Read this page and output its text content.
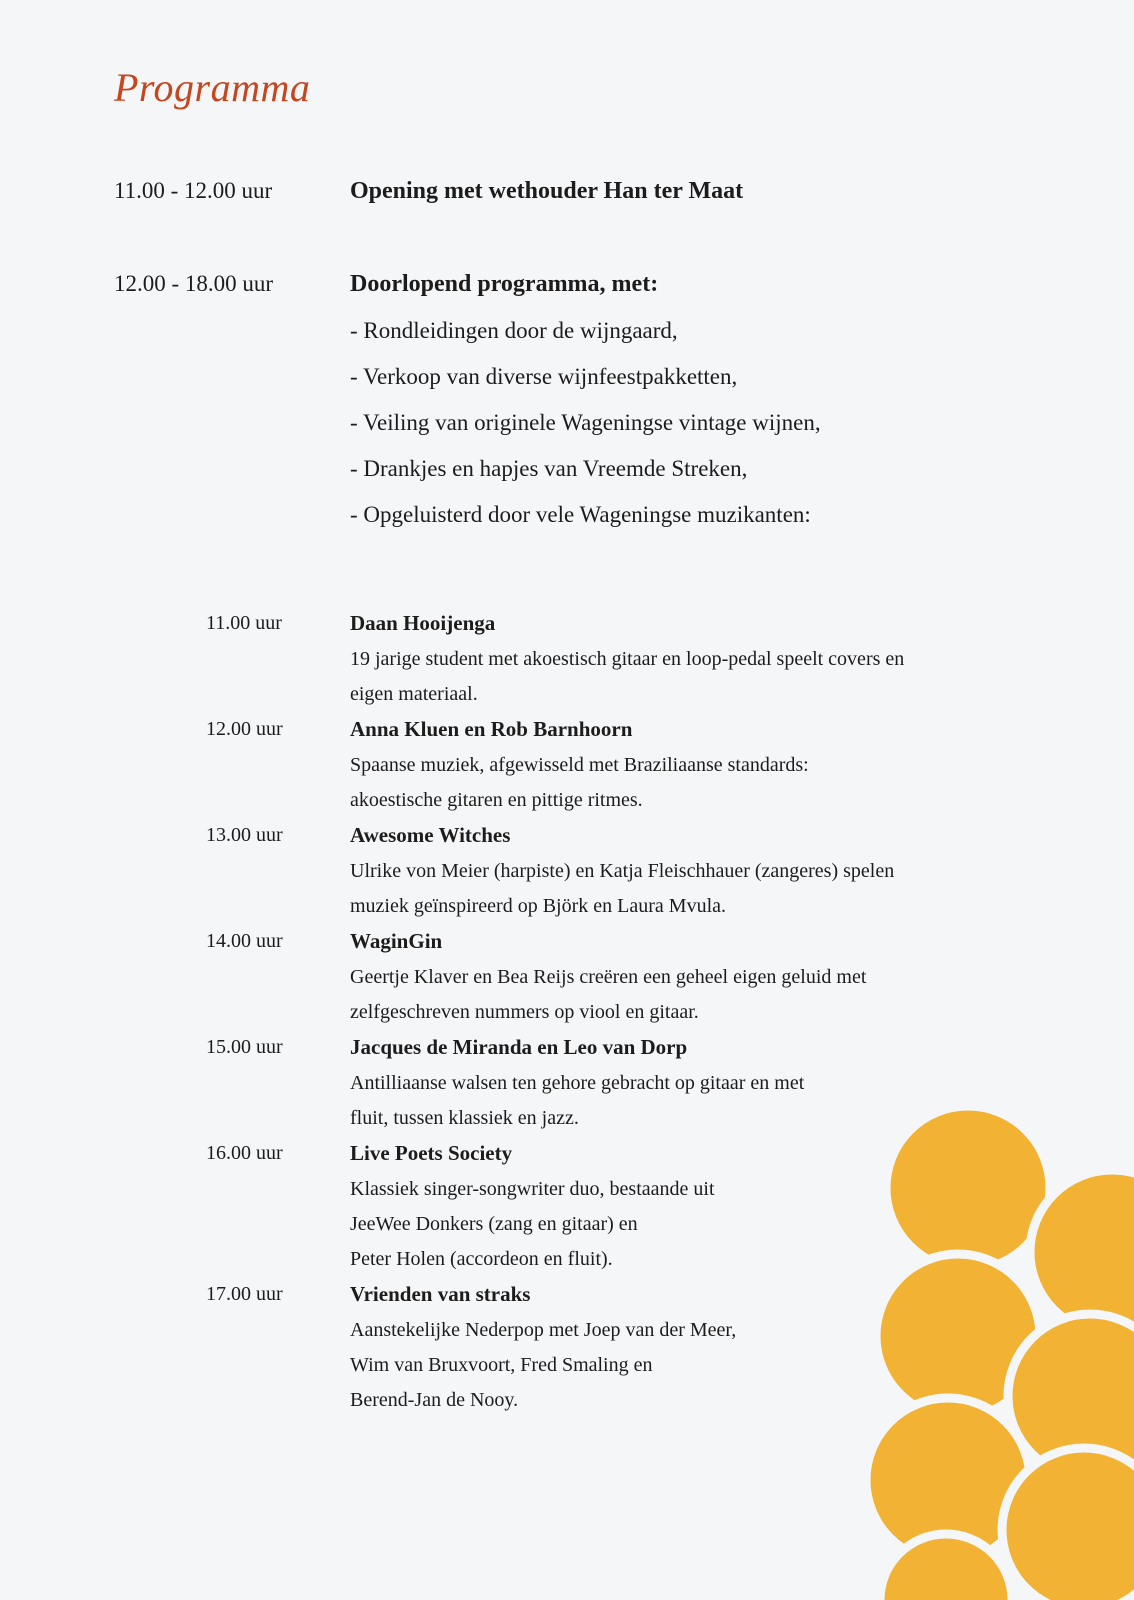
Programma
11.00 - 12.00 uur	Opening met wethouder Han ter Maat
12.00 - 18.00 uur	Doorlopend programma, met:
- Rondleidingen door de wijngaard,
- Verkoop van diverse wijnfeestpakketten,
- Veiling van originele Wageningse vintage wijnen,
- Drankjes en hapjes van Vreemde Streken,
- Opgeluisterd door vele Wageningse muzikanten:
11.00 uur	Daan Hooijenga
19 jarige student met akoestisch gitaar en loop-pedal speelt covers en
eigen materiaal.
12.00 uur	Anna Kluen en Rob Barnhoorn
Spaanse muziek, afgewisseld met Braziliaanse standards:
akoestische gitaren en pittige ritmes.
13.00 uur	Awesome Witches
Ulrike von Meier (harpiste) en Katja Fleischhauer (zangeres) spelen
muziek geïnspireerd op Björk en Laura Mvula.
14.00 uur	WaginGin
Geertje Klaver en Bea Reijs creëren een geheel eigen geluid met
zelfgeschreven nummers op viool en gitaar.
15.00 uur	Jacques de Miranda en Leo van Dorp
Antilliaanse walsen ten gehore gebracht op gitaar en met
fluit, tussen klassiek en jazz.
16.00 uur	Live Poets Society
Klassiek singer-songwriter duo, bestaande uit
JeeWee Donkers (zang en gitaar) en
Peter Holen (accordeon en fluit).
17.00 uur	Vrienden van straks
Aanstekelijke Nederpop met Joep van der Meer,
Wim van Bruxvoort, Fred Smaling en
Berend-Jan de Nooy.
